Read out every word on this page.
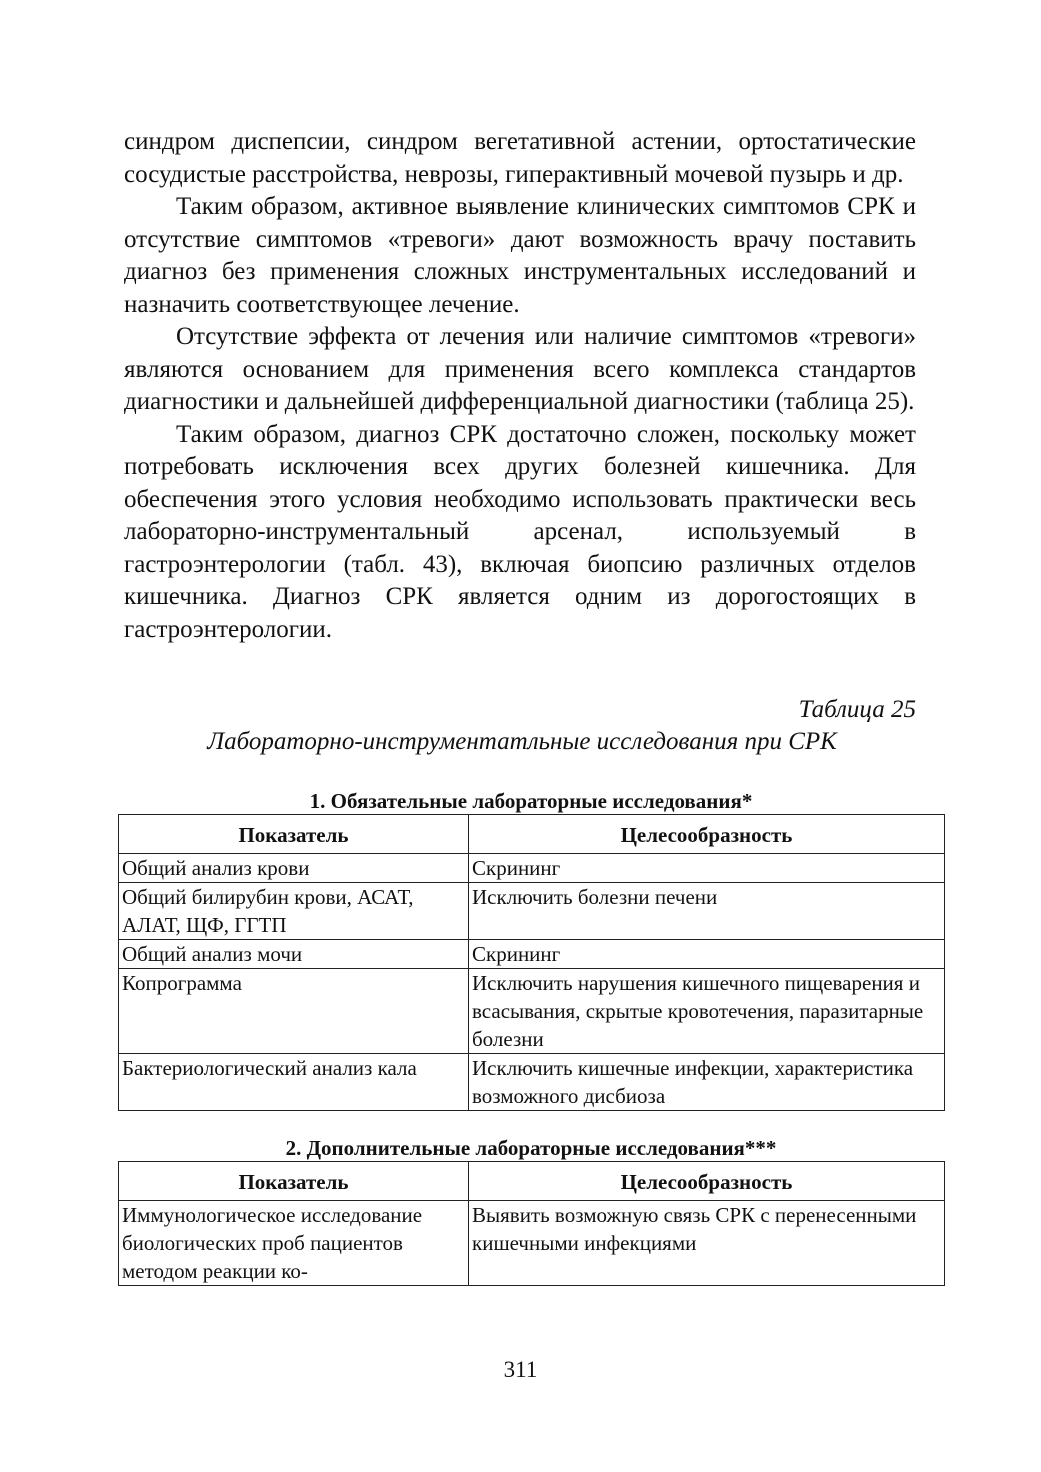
синдром диспепсии, синдром вегетативной астении, ортостатические сосудистые расстройства, неврозы, гиперактивный мочевой пузырь и др.

Таким образом, активное выявление клинических симптомов СРК и отсутствие симптомов «тревоги» дают возможность врачу поставить диагноз без применения сложных инструментальных исследований и назначить соответствующее лечение.

Отсутствие эффекта от лечения или наличие симптомов «тревоги» являются основанием для применения всего комплекса стандартов диагностики и дальнейшей дифференциальной диагностики (таблица 25).

Таким образом, диагноз СРК достаточно сложен, поскольку может потребовать исключения всех других болезней кишечника. Для обеспечения этого условия необходимо использовать практически весь лабораторно-инструментальный арсенал, используемый в гастроэнтерологии (табл. 43), включая биопсию различных отделов кишечника. Диагноз СРК является одним из дорогостоящих в гастроэнтерологии.

Таблица 25
Лабораторно-инструментатльные исследования при СРК
1. Обязательные лабораторные исследования*
Показатель	Целесообразность
Общий анализ крови	Скрининг
Общий билирубин крови, АСАТ, АЛАТ, ЩФ, ГГТП	Исключить болезни печени
Общий анализ мочи	Скрининг
Копрограмма	Исключить нарушения кишечного пищеварения и всасывания, скрытые кровотечения, паразитарные болезни
Бактериологический анализ кала	Исключить кишечные инфекции, характеристика возможного дисбиоза
2. Дополнительные лабораторные исследования***
Показатель	Целесообразность
Иммунологическое исследование биологических проб пациентов методом реакции ко-	Выявить возможную связь СРК с перенесенными кишечными инфекциями
311
